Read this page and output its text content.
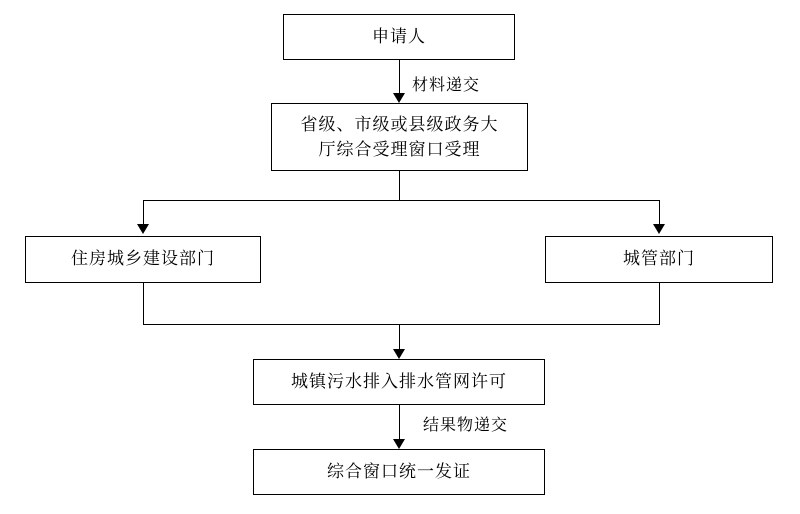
申请人
材料递交
省级、市级或县级政务大
厅综合受理窗口受理
住房城乡建设部门	城管部门
城镇污水排入排水管网许可
结果物递交
综合窗口统一发证
